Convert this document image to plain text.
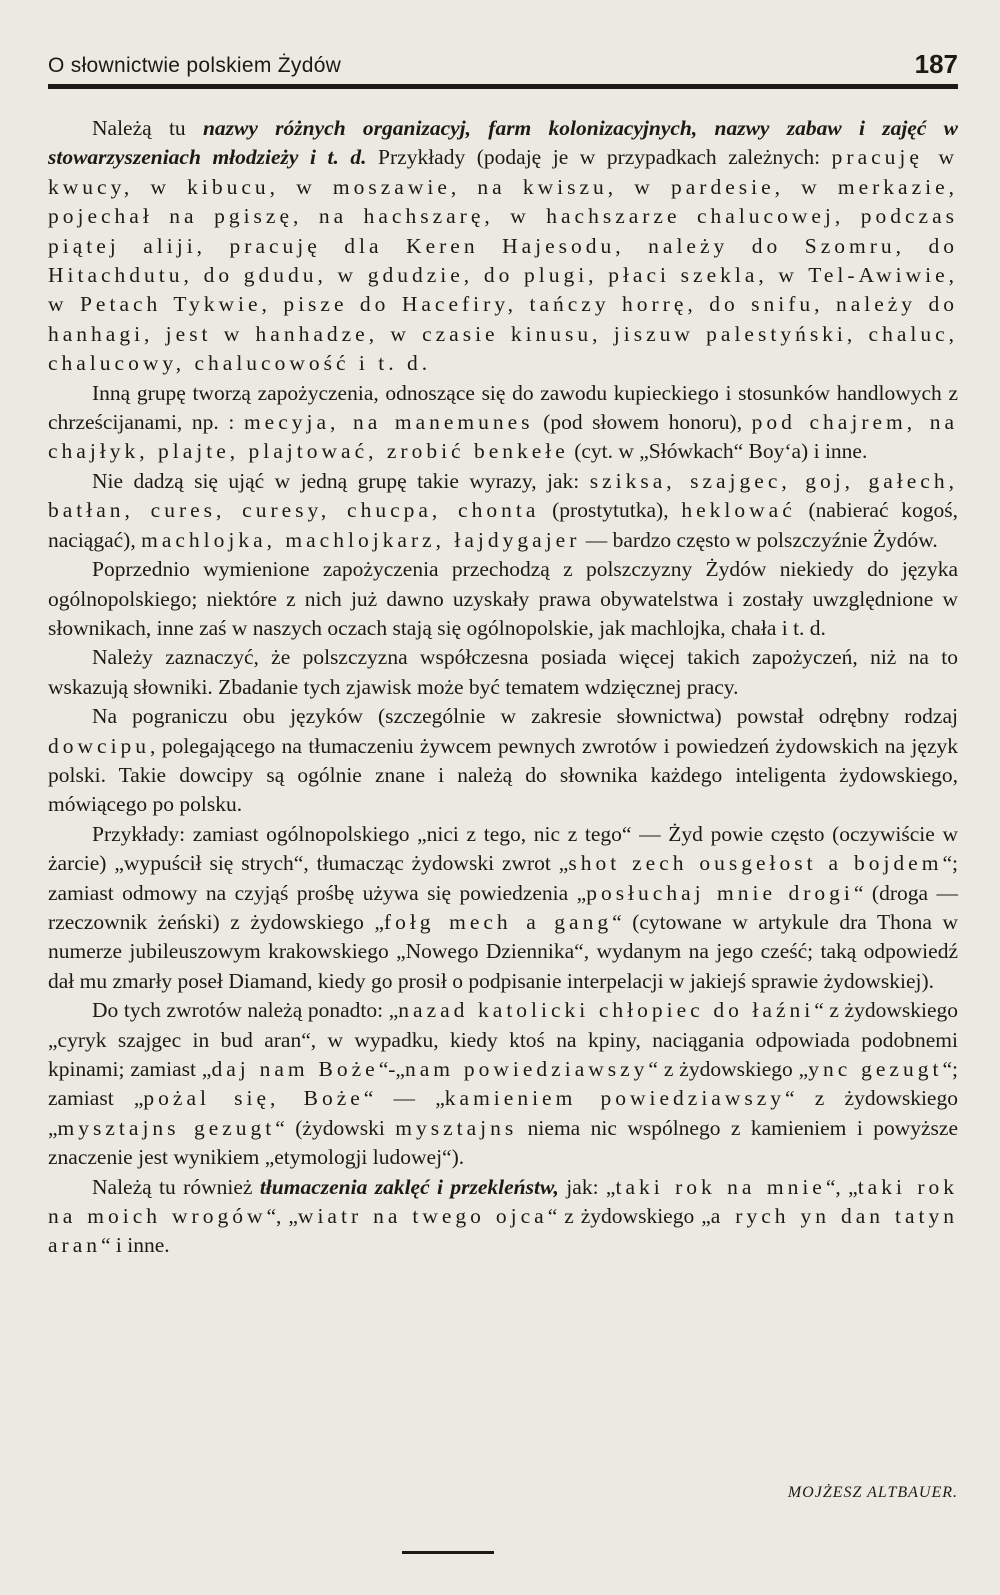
O słownictwie polskiem Żydów	187

Należą tu nazwy różnych organizacyj, farm kolonizacyjnych, nazwy zabaw i zajęć w stowarzyszeniach młodzieży i t. d. Przykłady (podaję je w przypadkach zależnych: pracuję w kwucy, w kibucu, w moszawie, na kwiszu, w pardesie, w merkazie, pojechał na pgiszę, na hachszarę, w hachszarze chalucowej, podczas piątej aliji, pracuję dla Keren Hajesodu, należy do Szomru, do Hitachdutu, do gdudu, w gdudzie, do plugi, płaci szekla, w Tel-Awiwie, w Petach Tykwie, pisze do Hacefiry, tańczy horrę, do snifu, należy do hanhagi, jest w hanhadze, w czasie kinusu, jiszuw palestyński, chaluc, chalucowy, chalucowość i t. d.

Inną grupę tworzą zapożyczenia, odnoszące się do zawodu kupieckiego i stosunków handlowych z chrześcijanami, np. : mecyja, na manemunes (pod słowem honoru), pod chajrem, na chajłyk, plajte, plajtować, zrobić benkełe (cyt. w „Słówkach“ Boy‘a) i inne.

Nie dadzą się ująć w jedną grupę takie wyrazy, jak: sziksa, szajgec, goj, gałech, batłan, cures, curesy, chucpa, chonta (prostytutka), heklować (nabierać kogoś, naciągać), machlojka, machlojkarz, łajdygajer — bardzo często w polszczyźnie Żydów.

Poprzednio wymienione zapożyczenia przechodzą z polszczyzny Żydów niekiedy do języka ogólnopolskiego; niektóre z nich już dawno uzyskały prawa obywatelstwa i zostały uwzględnione w słownikach, inne zaś w naszych oczach stają się ogólnopolskie, jak machlojka, chała i t. d.

Należy zaznaczyć, że polszczyzna współczesna posiada więcej takich zapożyczeń, niż na to wskazują słowniki. Zbadanie tych zjawisk może być tematem wdzięcznej pracy.

Na pograniczu obu języków (szczególnie w zakresie słownictwa) powstał odrębny rodzaj dowcipu, polegającego na tłumaczeniu żywcem pewnych zwrotów i powiedzeń żydowskich na język polski. Takie dowcipy są ogólnie znane i należą do słownika każdego inteligenta żydowskiego, mówiącego po polsku.

Przykłady: zamiast ogólnopolskiego „nici z tego, nic z tego“ — Żyd powie często (oczywiście w żarcie) „wypuścił się strych“, tłumacząc żydowski zwrot „shot zech ousgełost a bojdem“; zamiast odmowy na czyjąś prośbę używa się powiedzenia „posłuchaj mnie drogi“ (droga — rzeczownik żeński) z żydowskiego „fołg mech a gang“ (cytowane w artykule dra Thona w numerze jubileuszowym krakowskiego „Nowego Dziennika“, wydanym na jego cześć; taką odpowiedź dał mu zmarły poseł Diamand, kiedy go prosił o podpisanie interpelacji w jakiejś sprawie żydowskiej).

Do tych zwrotów należą ponadto: „nazad katolicki chłopiec do łaźni“ z żydowskiego „cyryk szajgec in bud aran“, w wypadku, kiedy ktoś na kpiny, naciągania odpowiada podobnemi kpinami; zamiast „daj nam Boże“-„nam powiedziawszy“ z żydowskiego „ync gezugt“; zamiast „pożal się, Boże“ — „kamieniem powiedziawszy“ z żydowskiego „mysztajns gezugt“ (żydowski mysztajns niema nic wspólnego z kamieniem i powyższe znaczenie jest wynikiem „etymologji ludowej“).

Należą tu również tłumaczenia zaklęć i przekleństw, jak: „taki rok na mnie“, „taki rok na moich wrogów“, „wiatr na twego ojca“ z żydowskiego „a rych yn dan tatyn aran“ i inne.

MOJŻESZ ALTBAUER.
